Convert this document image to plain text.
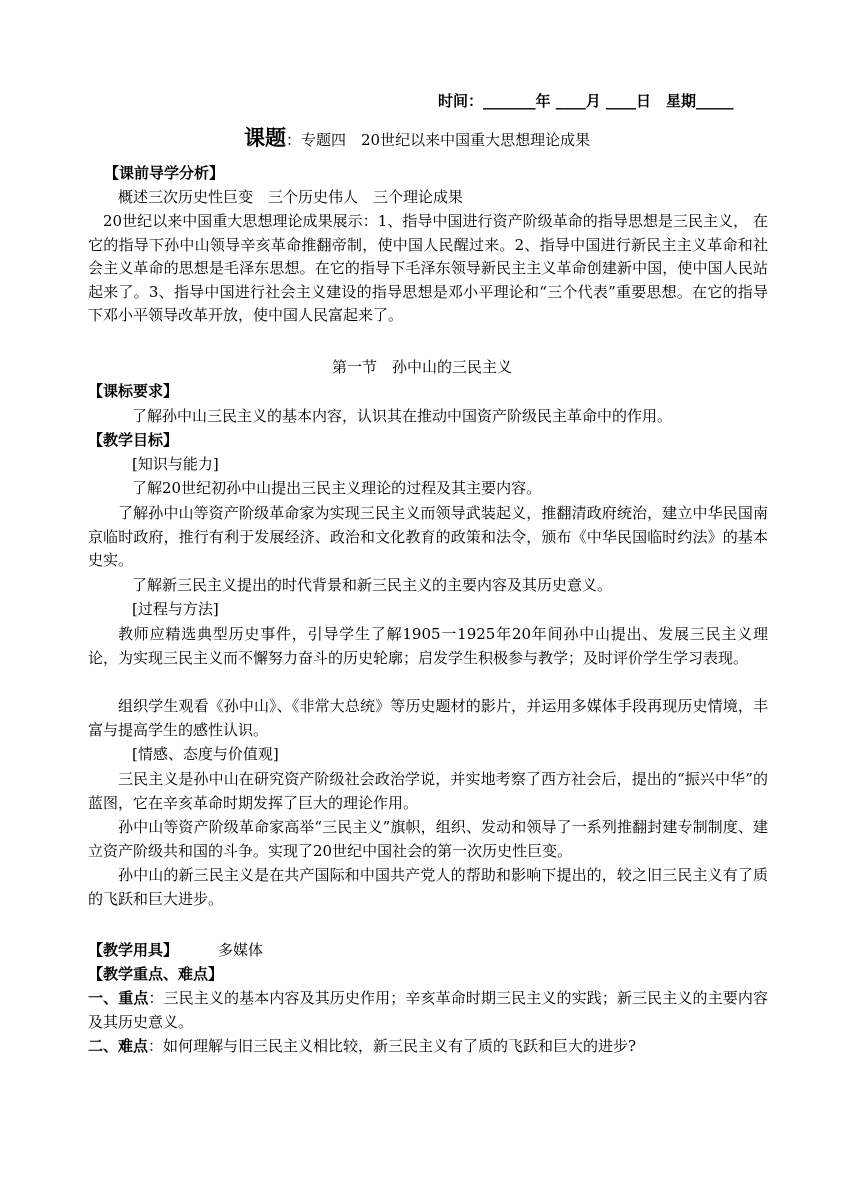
时间：_______年 ____月 ____日　星期_____
课题：专题四　20世纪以来中国重大思想理论成果
【课前导学分析】
概述三次历史性巨变　三个历史伟人　三个理论成果
20世纪以来中国重大思想理论成果展示：1、指导中国进行资产阶级革命的指导思想是三民主义， 在它的指导下孙中山领导辛亥革命推翻帝制，使中国人民醒过来。2、指导中国进行新民主主义革命和社会主义革命的思想是毛泽东思想。在它的指导下毛泽东领导新民主主义革命创建新中国，使中国人民站起来了。3、指导中国进行社会主义建设的指导思想是邓小平理论和“三个代表”重要思想。在它的指导下邓小平领导改革开放，使中国人民富起来了。
第一节　孙中山的三民主义
【课标要求】
了解孙中山三民主义的基本内容，认识其在推动中国资产阶级民主革命中的作用。
【教学目标】
[知识与能力]
了解20世纪初孙中山提出三民主义理论的过程及其主要内容。
了解孙中山等资产阶级革命家为实现三民主义而领导武装起义，推翻清政府统治，建立中华民国南京临时政府，推行有利于发展经济、政治和文化教育的政策和法令，颁布《中华民国临时约法》的基本史实。
了解新三民主义提出的时代背景和新三民主义的主要内容及其历史意义。
[过程与方法]
教师应精选典型历史事件，引导学生了解1905一1925年20年间孙中山提出、发展三民主义理论，为实现三民主义而不懈努力奋斗的历史轮廓；启发学生积极参与教学；及时评价学生学习表现。
组织学生观看《孙中山》、《非常大总统》等历史题材的影片，并运用多媒体手段再现历史情境，丰富与提高学生的感性认识。
[情感、态度与价值观]
三民主义是孙中山在研究资产阶级社会政治学说，并实地考察了西方社会后，提出的“振兴中华”的蓝图，它在辛亥革命时期发挥了巨大的理论作用。
孙中山等资产阶级革命家高举“三民主义”旗帜，组织、发动和领导了一系列推翻封建专制制度、建立资产阶级共和国的斗争。实现了20世纪中国社会的第一次历史性巨变。
孙中山的新三民主义是在共产国际和中国共产党人的帮助和影响下提出的，较之旧三民主义有了质的飞跃和巨大进步。
【教学用具】	多媒体
【教学重点、难点】
一、重点：三民主义的基本内容及其历史作用；辛亥革命时期三民主义的实践；新三民主义的主要内容及其历史意义。
二、难点：如何理解与旧三民主义相比较，新三民主义有了质的飞跃和巨大的进步?
